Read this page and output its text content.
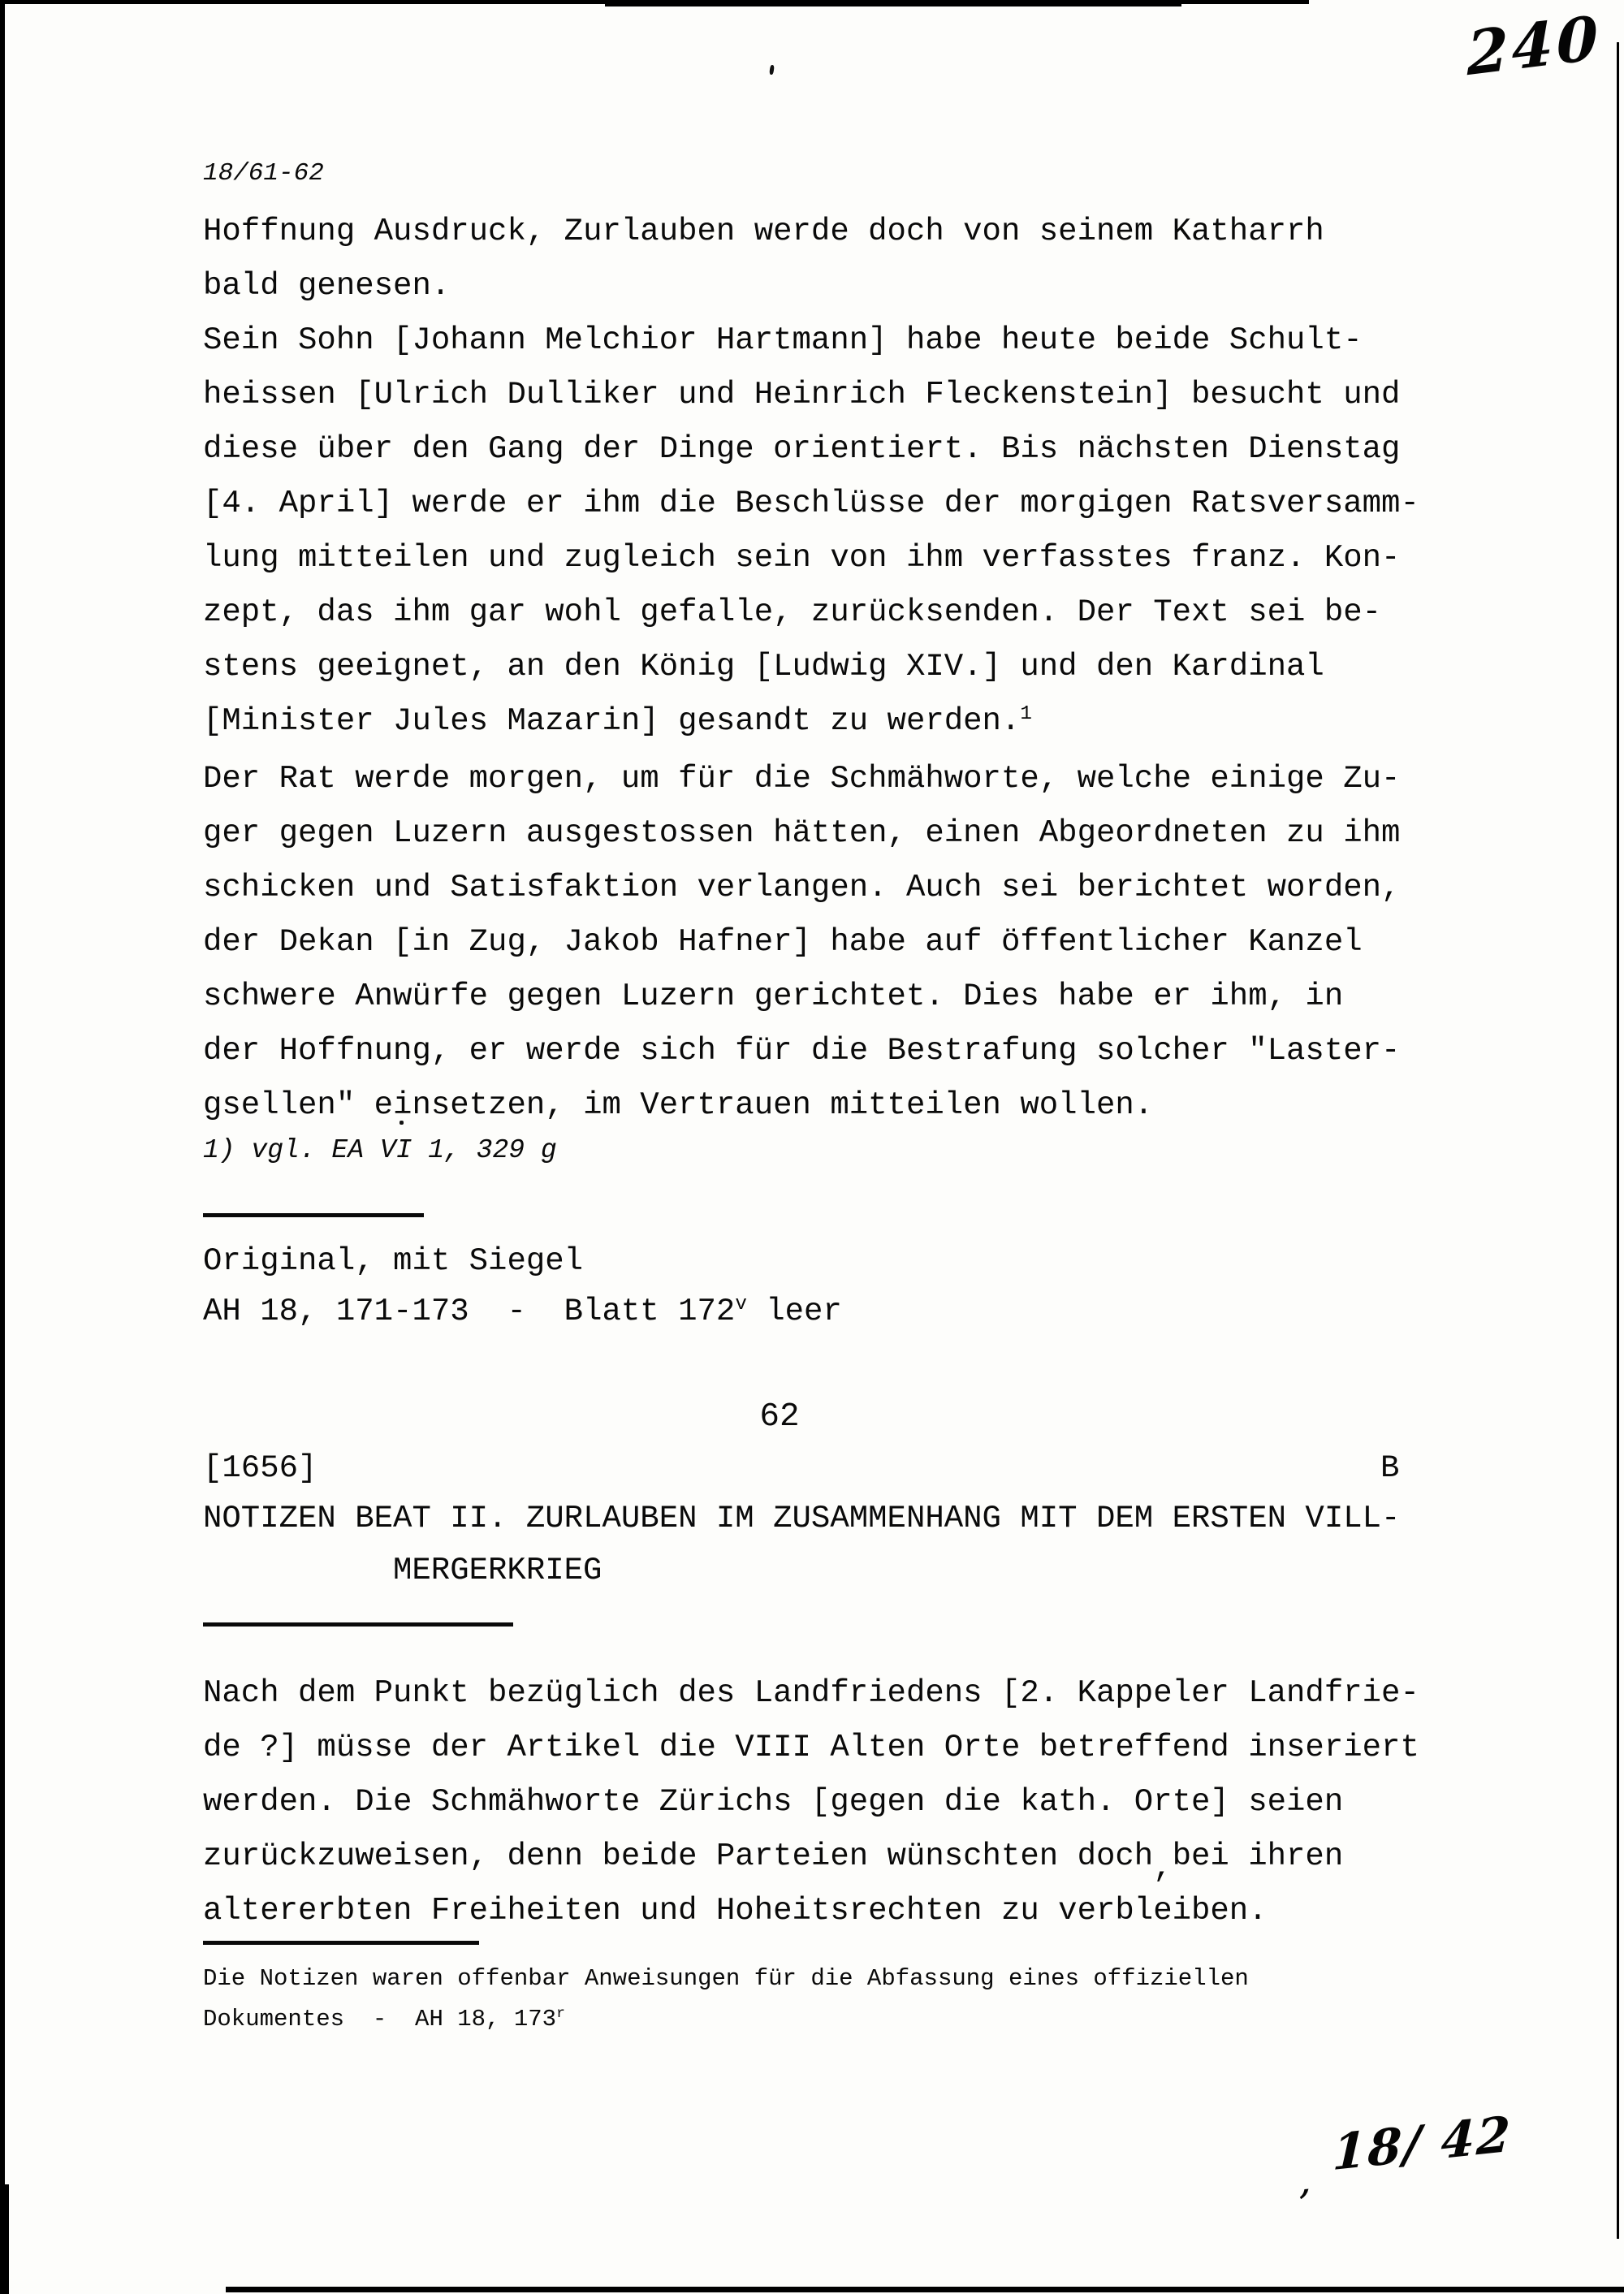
240
18/61-62
Hoffnung Ausdruck, Zurlauben werde doch von seinem Katharrh
bald genesen.
Sein Sohn [Johann Melchior Hartmann] habe heute beide Schult-
heissen [Ulrich Dulliker und Heinrich Fleckenstein] besucht und
diese über den Gang der Dinge orientiert. Bis nächsten Dienstag
[4. April] werde er ihm die Beschlüsse der morgigen Ratsversamm-
lung mitteilen und zugleich sein von ihm verfasstes franz. Kon-
zept, das ihm gar wohl gefalle, zurücksenden. Der Text sei be-
stens geeignet, an den König [Ludwig XIV.] und den Kardinal
[Minister Jules Mazarin] gesandt zu werden.1
Der Rat werde morgen, um für die Schmähworte, welche einige Zu-
ger gegen Luzern ausgestossen hätten, einen Abgeordneten zu ihm
schicken und Satisfaktion verlangen. Auch sei berichtet worden,
der Dekan [in Zug, Jakob Hafner] habe auf öffentlicher Kanzel
schwere Anwürfe gegen Luzern gerichtet. Dies habe er ihm, in
der Hoffnung, er werde sich für die Bestrafung solcher "Laster-
gsellen" einsetzen, im Vertrauen mitteilen wollen.
1) vgl. EA VI 1, 329 g
Original, mit Siegel
AH 18, 171-173  -  Blatt 172v leer
62
[1656]	B
NOTIZEN BEAT II. ZURLAUBEN IM ZUSAMMENHANG MIT DEM ERSTEN VILL-
MERGERKRIEG
Nach dem Punkt bezüglich des Landfriedens [2. Kappeler Landfrie-
de ?] müsse der Artikel die VIII Alten Orte betreffend inseriert
werden. Die Schmähworte Zürichs [gegen die kath. Orte] seien
zurückzuweisen, denn beide Parteien wünschten doch,bei ihren
altererbten Freiheiten und Hoheitsrechten zu verbleiben.
Die Notizen waren offenbar Anweisungen für die Abfassung eines offiziellen
Dokumentes  -  AH 18, 173r
,18/ 42
